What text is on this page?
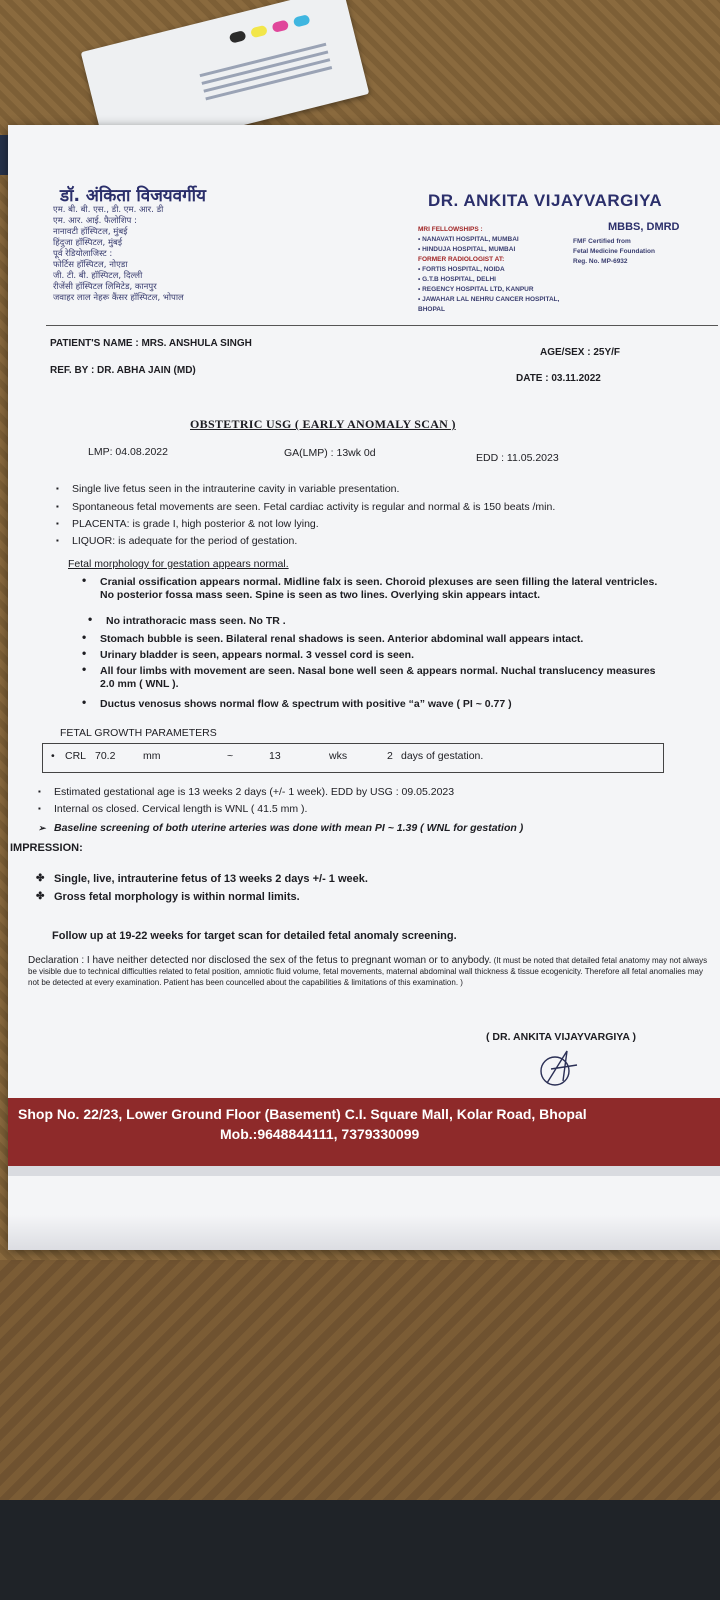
डॉ. अंकिता विजयवर्गीय
एम. बी. बी. एस., डी. एम. आर. डी
एम. आर. आई. फैलोशिप :
नानावटी हॉस्पिटल, मुंबई
हिंदुजा हॉस्पिटल, मुंबई
पूर्व रेडियोलाजिस्ट :
फोर्टिस हॉस्पिटल, नोएडा
जी. टी. बी. हॉस्पिटल, दिल्ली
रीजेंसी हॉस्पिटल लिमिटेड, कानपुर
जवाहर लाल नेहरू कैंसर हॉस्पिटल, भोपाल
DR. ANKITA VIJAYVARGIYA
MBBS, DMRD
MRI FELLOWSHIPS :
• NANAVATI HOSPITAL, MUMBAI
• HINDUJA HOSPITAL, MUMBAI
FORMER RADIOLOGIST AT:
• FORTIS HOSPITAL, NOIDA
• G.T.B HOSPITAL, DELHI
• REGENCY HOSPITAL LTD, KANPUR
• JAWAHAR LAL NEHRU CANCER HOSPITAL, BHOPAL
FMF Certified from
Fetal Medicine Foundation
Reg. No. MP-6932
PATIENT'S NAME : MRS. ANSHULA SINGH
AGE/SEX : 25Y/F
REF. BY : DR. ABHA JAIN (MD)
DATE : 03.11.2022
OBSTETRIC USG ( EARLY ANOMALY SCAN )
LMP: 04.08.2022	GA(LMP) : 13wk 0d	EDD : 11.05.2023
▪ Single live fetus seen in the intrauterine cavity in variable presentation.
▪ Spontaneous fetal movements are seen. Fetal cardiac activity is regular and normal & is 150 beats /min.
▪ PLACENTA: is grade I, high posterior & not low lying.
▪ LIQUOR: is adequate for the period of gestation.
Fetal morphology for gestation appears normal.
• Cranial ossification appears normal. Midline falx is seen. Choroid plexuses are seen filling the lateral ventricles. No posterior fossa mass seen. Spine is seen as two lines. Overlying skin appears intact.
• No intrathoracic mass seen. No TR .
• Stomach bubble is seen. Bilateral renal shadows is seen. Anterior abdominal wall appears intact.
• Urinary bladder is seen, appears normal. 3 vessel cord is seen.
• All four limbs with movement are seen. Nasal bone well seen & appears normal. Nuchal translucency measures 2.0 mm ( WNL ).
• Ductus venosus shows normal flow & spectrum with positive “a” wave ( PI ~ 0.77 )
FETAL GROWTH PARAMETERS
• CRL 70.2	mm	~	13	wks	2 days of gestation.
▪ Estimated gestational age is 13 weeks 2 days (+/- 1 week). EDD by USG : 09.05.2023
▪ Internal os closed. Cervical length is WNL ( 41.5 mm ).
➢ Baseline screening of both uterine arteries was done with mean PI ~ 1.39 ( WNL for gestation )
IMPRESSION:
✤ Single, live, intrauterine fetus of 13 weeks 2 days +/- 1 week.
✤ Gross fetal morphology is within normal limits.
Follow up at 19-22 weeks for target scan for detailed fetal anomaly screening.
Declaration : I have neither detected nor disclosed the sex of the fetus to pregnant woman or to anybody. (It must be noted that detailed fetal anatomy may not always be visible due to technical difficulties related to fetal position, amniotic fluid volume, fetal movements, maternal abdominal wall thickness & tissue ecogenicity. Therefore all fetal anomalies may not be detected at every examination. Patient has been councelled about the capabilities & limitations of this examination. )
( DR. ANKITA VIJAYVARGIYA )
Shop No. 22/23, Lower Ground Floor (Basement) C.I. Square Mall, Kolar Road, Bhopal
Mob.:9648844111, 7379330099
